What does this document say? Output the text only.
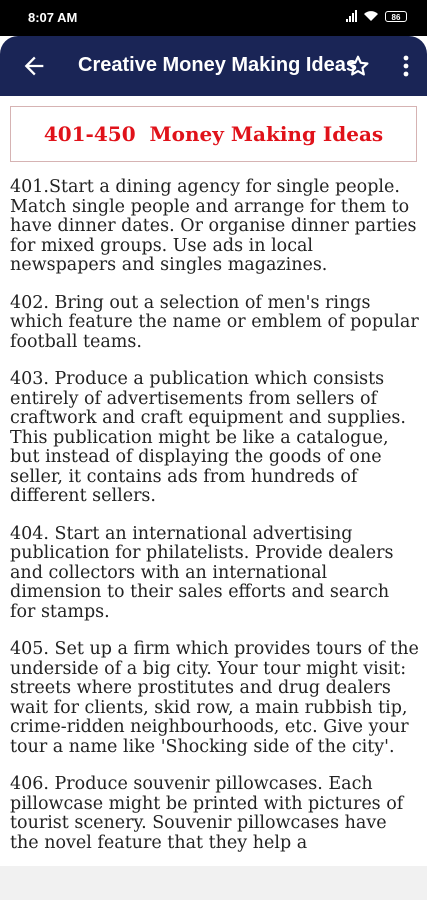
8:07 AM	86
Creative Money Making Ideas
401-450  Money Making Ideas

401.Start a dining agency for single people. Match single people and arrange for them to have dinner dates. Or organise dinner parties for mixed groups. Use ads in local newspapers and singles magazines.

402. Bring out a selection of men's rings which feature the name or emblem of popular football teams.

403. Produce a publication which consists entirely of advertisements from sellers of craftwork and craft equipment and supplies. This publication might be like a catalogue, but instead of displaying the goods of one seller, it contains ads from hundreds of different sellers.

404. Start an international advertising publication for philatelists. Provide dealers and collectors with an international dimension to their sales efforts and search for stamps.

405. Set up a firm which provides tours of the underside of a big city. Your tour might visit: streets where prostitutes and drug dealers wait for clients, skid row, a main rubbish tip, crime-ridden neighbourhoods, etc. Give your tour a name like 'Shocking side of the city'.

406. Produce souvenir pillowcases. Each pillowcase might be printed with pictures of tourist scenery. Souvenir pillowcases have the novel feature that they help a
